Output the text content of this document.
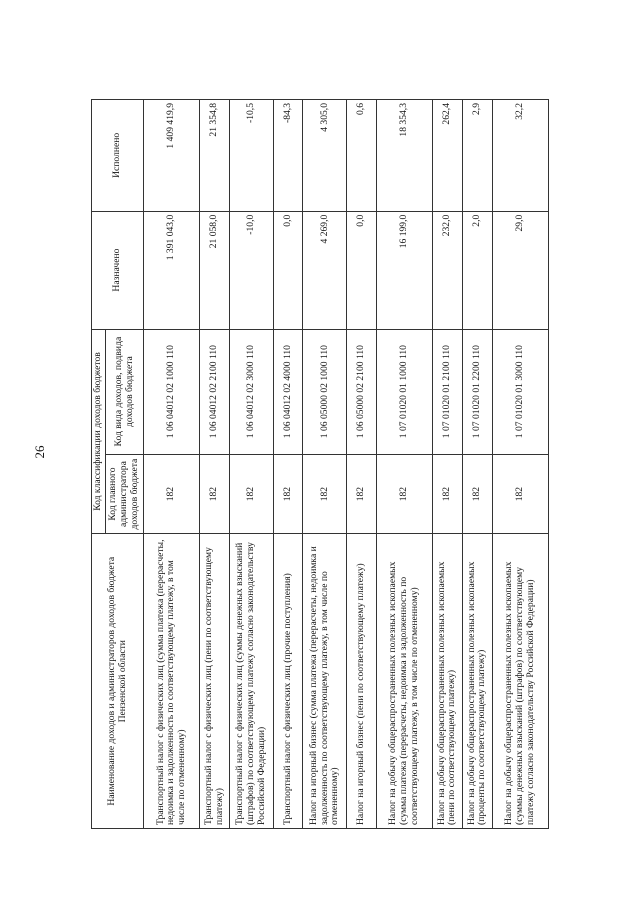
26
Наименование доходов и администраторов доходов бюджета Пензенской области	Код классификации доходов бюджетов		Назначено	Исполнено
	Код главного администратора доходов бюджета	Код вида доходов, подвида доходов бюджета		
Транспортный налог с физических лиц (сумма платежа (перерасчеты, недоимка и задолженность по соответствующему платежу, в том числе по отмененному)	182	1 06 04012 02 1000 110	1 391 043,0	1 409 419,9
Транспортный налог с физических лиц (пени по соответствующему платежу)	182	1 06 04012 02 2100 110	21 058,0	21 354,8
Транспортный налог с физических лиц (суммы денежных взысканий (штрафов) по соответствующему платежу согласно законодательству Российской Федерации)	182	1 06 04012 02 3000 110	-10,0	-10,5
Транспортный налог с физических лиц (прочие поступления)	182	1 06 04012 02 4000 110	0,0	-84,3
Налог на игорный бизнес (сумма платежа (перерасчеты, недоимка и задолженность по соответствующему платежу, в том числе по отмененному)	182	1 06 05000 02 1000 110	4 269,0	4 305,0
Налог на игорный бизнес (пени по соответствующему платежу)	182	1 06 05000 02 2100 110	0,0	0,6
Налог на добычу общераспространенных полезных ископаемых (сумма платежа (перерасчеты, недоимка и задолженность по соответствующему платежу, в том числе по отмененному)	182	1 07 01020 01 1000 110	16 199,0	18 354,3
Налог на добычу общераспространенных полезных ископаемых (пени по соответствующему платежу)	182	1 07 01020 01 2100 110	232,0	262,4
Налог на добычу общераспространенных полезных ископаемых (проценты по соответствующему платежу)	182	1 07 01020 01 2200 110	2,0	2,9
Налог на добычу общераспространенных полезных ископаемых (суммы денежных взысканий (штрафов) по соответствующему платежу согласно законодательству Российской Федерации)	182	1 07 01020 01 3000 110	29,0	32,2
